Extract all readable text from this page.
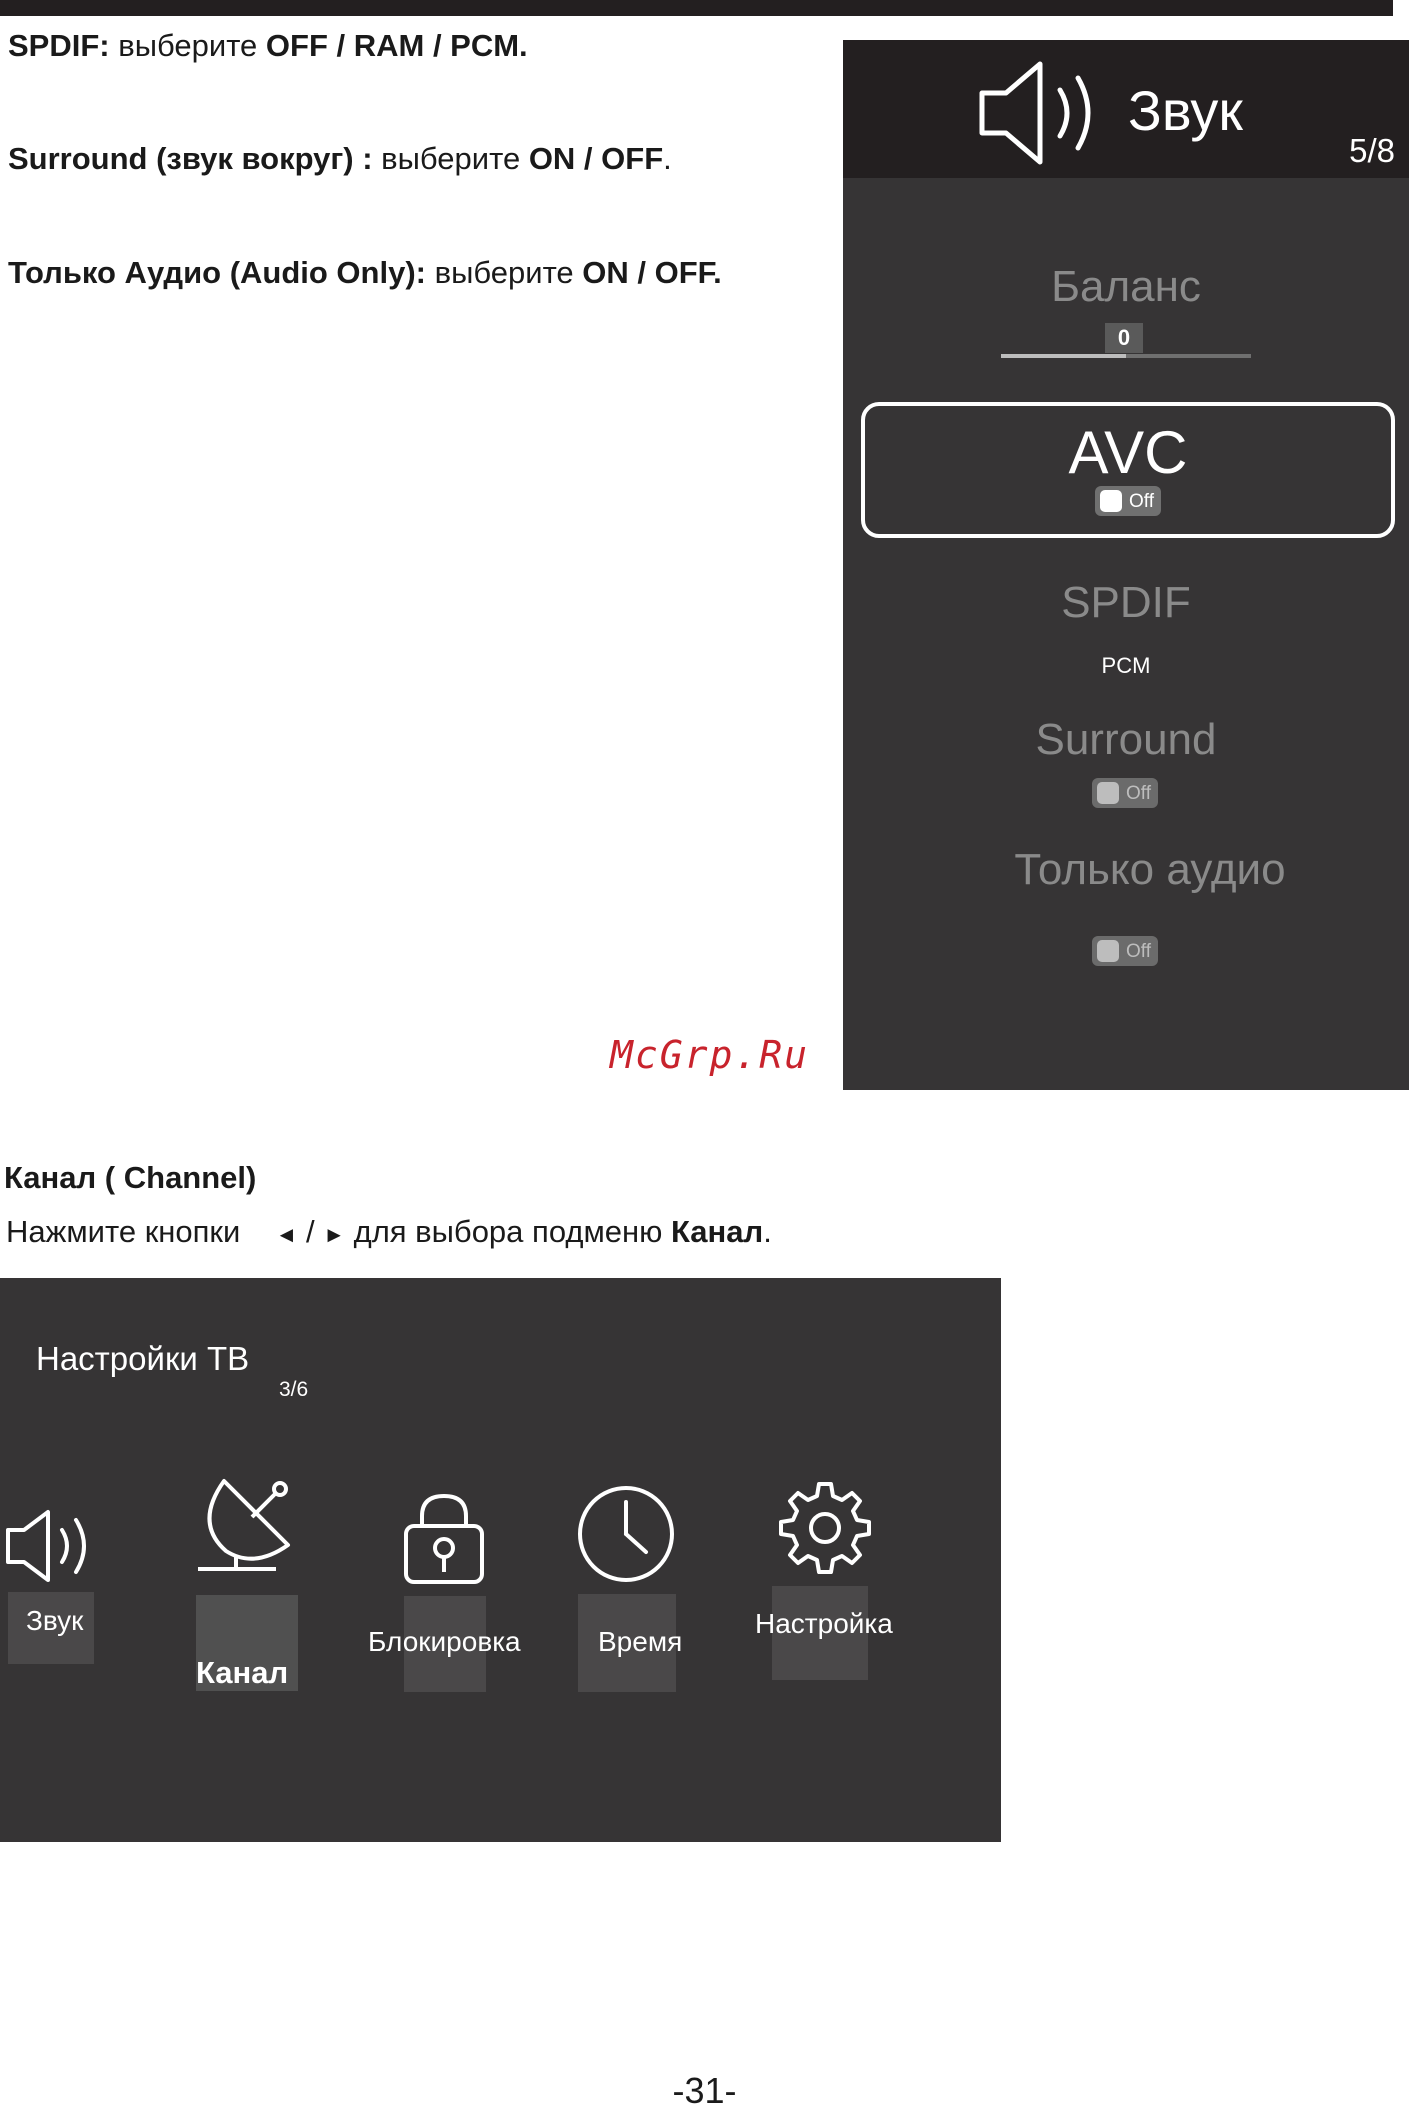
SPDIF: выберите OFF / RAM / PCM.
Surround (звук вокруг) : выберите ON / OFF.
Только Аудио (Audio Only): выберите ON / OFF.
McGrp.Ru
Звук
5/8
Баланс
0
AVC
Off
SPDIF
PCM
Surround
Off
Только аудио
Off
Канал ( Channel)
Нажмите кнопки ◄ / ► для выбора подменю Канал.
Настройки ТВ
3/6
Звук
Канал
Блокировка	Время
Настройка
-31-
